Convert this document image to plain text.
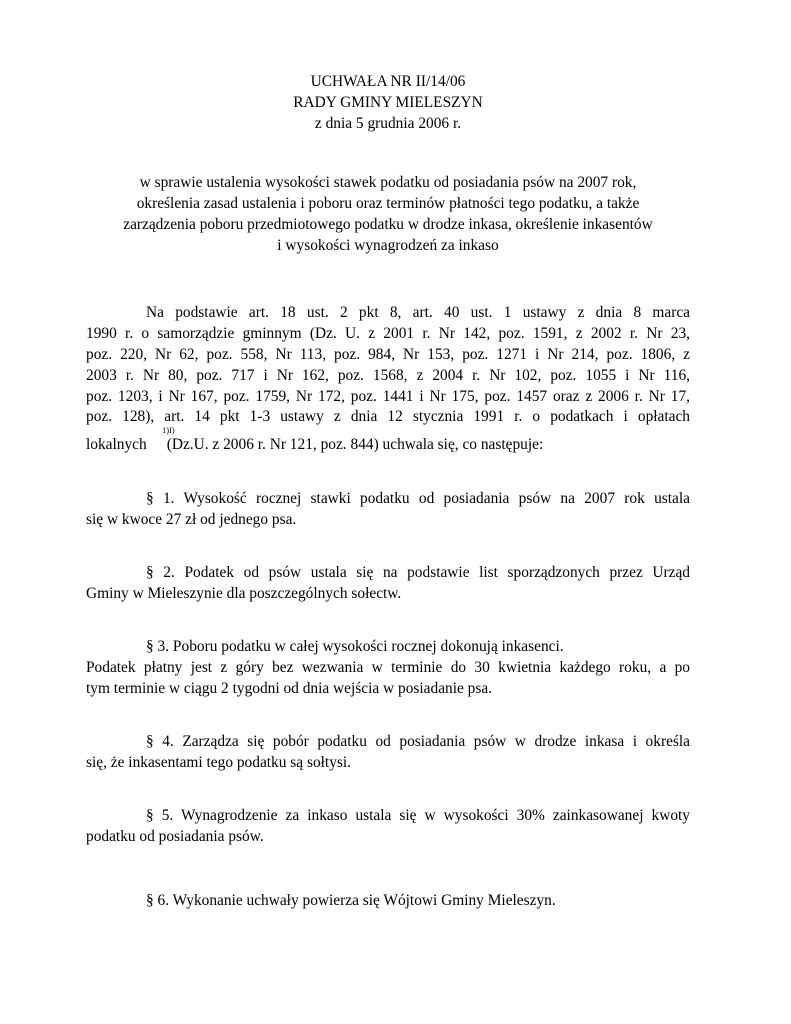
UCHWAŁA NR II/14/06
RADY GMINY MIELESZYN
z dnia 5 grudnia 2006 r.
w sprawie ustalenia wysokości stawek podatku od posiadania psów na 2007 rok,
określenia zasad ustalenia i poboru oraz terminów płatności tego podatku, a także
zarządzenia poboru przedmiotowego podatku w drodze inkasa, określenie inkasentów
i wysokości wynagrodzeń za inkaso
Na podstawie art. 18 ust. 2 pkt 8, art. 40 ust. 1 ustawy z dnia 8 marca
1990 r. o samorządzie gminnym (Dz. U. z 2001 r. Nr 142, poz. 1591, z 2002 r. Nr 23,
poz. 220, Nr 62, poz. 558, Nr 113, poz. 984, Nr 153, poz. 1271 i Nr 214, poz. 1806, z
2003 r. Nr 80, poz. 717 i Nr 162, poz. 1568, z 2004 r. Nr 102, poz. 1055 i Nr 116,
poz. 1203, i Nr 167, poz. 1759, Nr 172, poz. 1441 i Nr 175, poz. 1457 oraz z 2006 r. Nr 17,
poz. 128), art. 14 pkt 1-3 ustawy z dnia 12 stycznia 1991 r. o podatkach i opłatach
lokalnych (Dz.U. z 2006 r. Nr 121, poz. 844) uchwala się, co następuje:
1)I)
§ 1. Wysokość rocznej stawki podatku od posiadania psów na 2007 rok ustala
się w kwoce 27 zł od jednego psa.
§ 2. Podatek od psów ustala się na podstawie list sporządzonych przez Urząd
Gminy w Mieleszynie dla poszczególnych sołectw.
§ 3. Poboru podatku w całej wysokości rocznej dokonują inkasenci.
Podatek płatny jest z góry bez wezwania w terminie do 30 kwietnia każdego roku, a po
tym terminie w ciągu 2 tygodni od dnia wejścia w posiadanie psa.
§ 4. Zarządza się pobór podatku od posiadania psów w drodze inkasa i określa
się, że inkasentami tego podatku są sołtysi.
§ 5. Wynagrodzenie za inkaso ustala się w wysokości 30% zainkasowanej kwoty
podatku od posiadania psów.
§ 6. Wykonanie uchwały powierza się Wójtowi Gminy Mieleszyn.
